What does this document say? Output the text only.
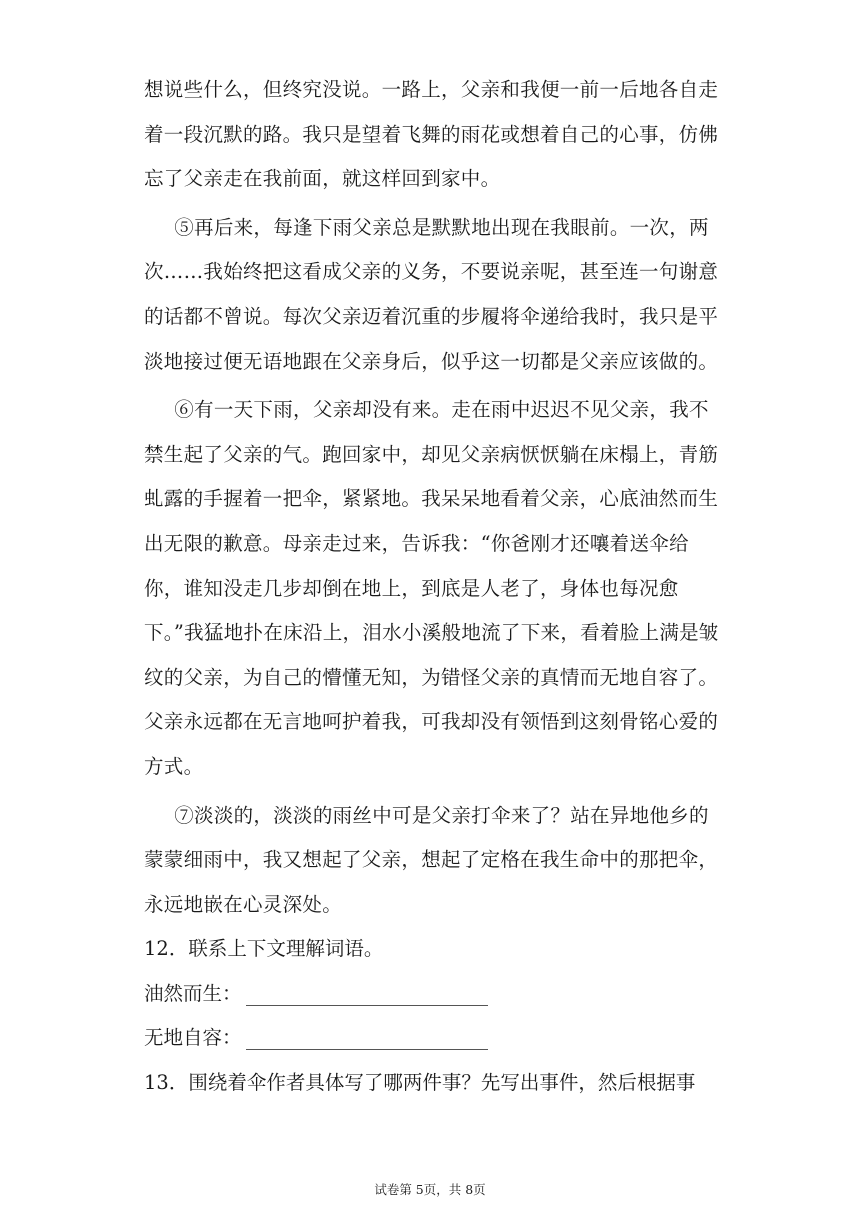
想说些什么，但终究没说。一路上，父亲和我便一前一后地各自走着一段沉默的路。我只是望着飞舞的雨花或想着自己的心事，仿佛忘了父亲走在我前面，就这样回到家中。

⑤再后来，每逢下雨父亲总是默默地出现在我眼前。一次，两次……我始终把这看成父亲的义务，不要说亲呢，甚至连一句谢意的话都不曾说。每次父亲迈着沉重的步履将伞递给我时，我只是平淡地接过便无语地跟在父亲身后，似乎这一切都是父亲应该做的。

⑥有一天下雨，父亲却没有来。走在雨中迟迟不见父亲，我不禁生起了父亲的气。跑回家中，却见父亲病恹恹躺在床榻上，青筋虬露的手握着一把伞，紧紧地。我呆呆地看着父亲，心底油然而生出无限的歉意。母亲走过来，告诉我：“你爸刚才还嚷着送伞给你，谁知没走几步却倒在地上，到底是人老了，身体也每况愈下。”我猛地扑在床沿上，泪水小溪般地流了下来，看着脸上满是皱纹的父亲，为自己的懵懂无知，为错怪父亲的真情而无地自容了。父亲永远都在无言地呵护着我，可我却没有领悟到这刻骨铭心爱的方式。

⑦淡淡的，淡淡的雨丝中可是父亲打伞来了？站在异地他乡的蒙蒙细雨中，我又想起了父亲，想起了定格在我生命中的那把伞，永远地嵌在心灵深处。

12．联系上下文理解词语。

油然而生：

无地自容：

13．围绕着伞作者具体写了哪两件事？先写出事件，然后根据事

试卷第 5页，共 8页
